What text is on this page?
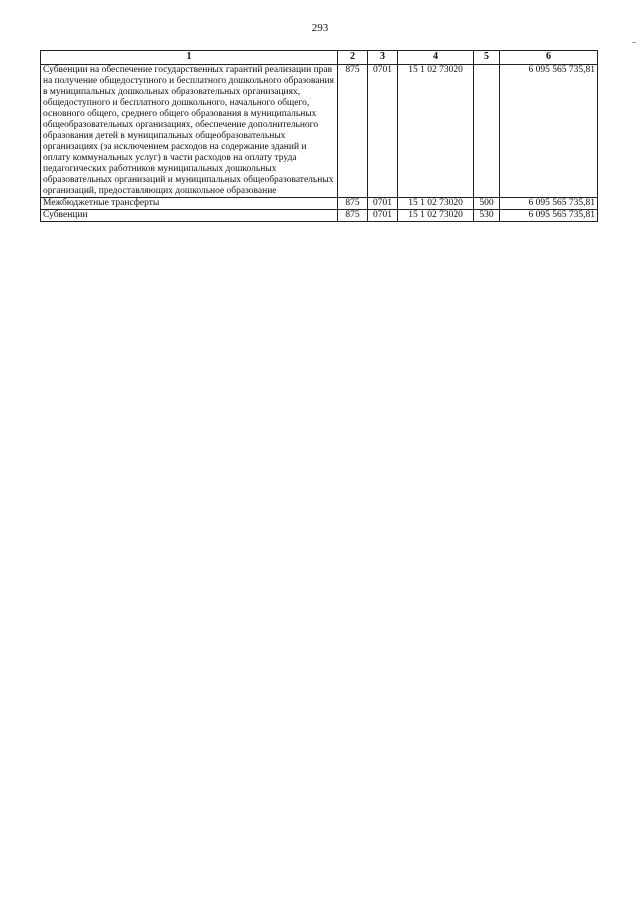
293
1	2	3	4	5	6
Субвенции на обеспечение государственных гарантий реализации прав на получение общедоступного и бесплатного дошкольного образования в муниципальных дошкольных образовательных организациях, общедоступного и бесплатного дошкольного, начального общего, основного общего, среднего общего образования в муниципальных общеобразовательных организациях, обеспечение дополнительного образования детей в муниципальных общеобразовательных организациях (за исключением расходов на содержание зданий и оплату коммунальных услуг) в части расходов на оплату труда педагогических работников муниципальных дошкольных образовательных организаций и муниципальных общеобразовательных организаций, предоставляющих дошкольное образование	875	0701	15 1 02 73020		6 095 565 735,81
Межбюджетные трансферты	875	0701	15 1 02 73020	500	6 095 565 735,81
Субвенции	875	0701	15 1 02 73020	530	6 095 565 735,81
